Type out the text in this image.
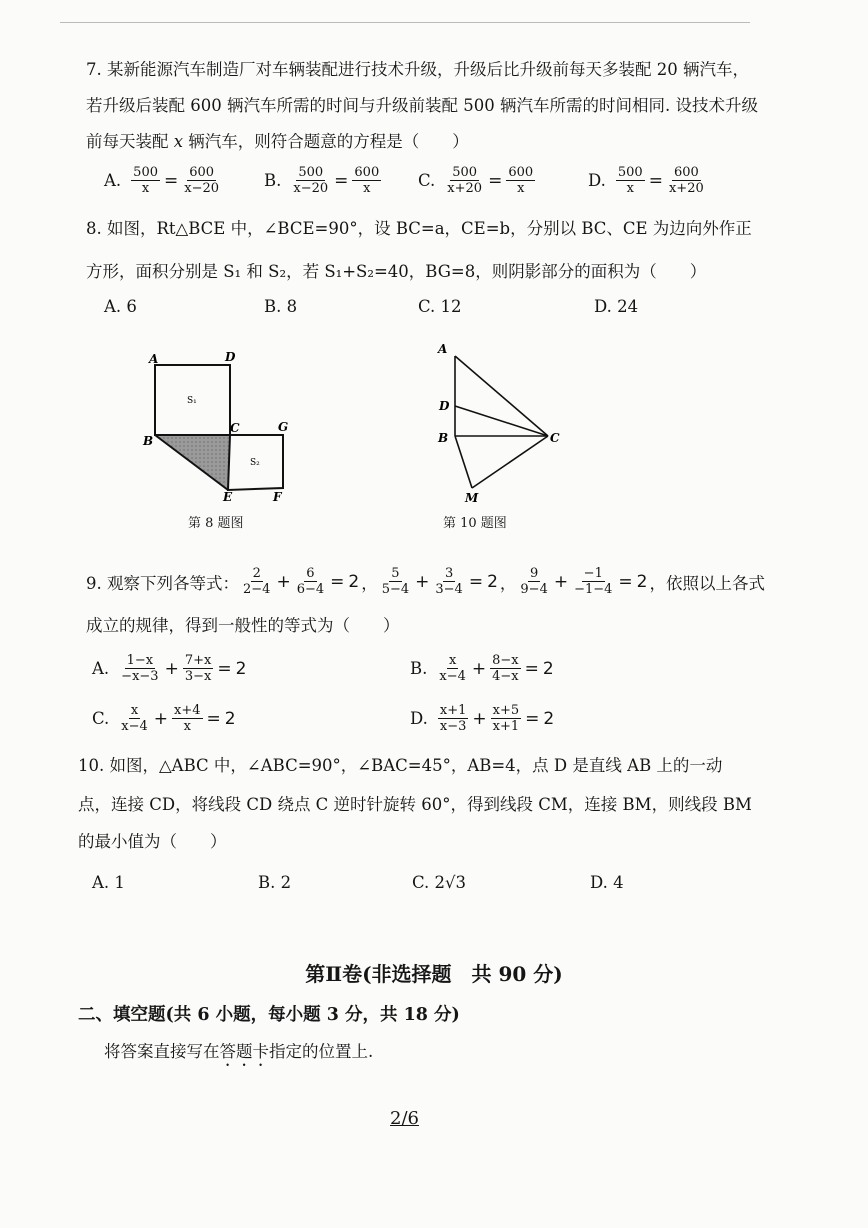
7. 某新能源汽车制造厂对车辆装配进行技术升级，升级后比升级前每天多装配 20 辆汽车，
若升级后装配 600 辆汽车所需的时间与升级前装配 500 辆汽车所需的时间相同. 设技术升级
前每天装配 x 辆汽车，则符合题意的方程是（　　）
A. $\frac{500}{x} = \frac{600}{x-20}$	B. $\frac{500}{x-20} = \frac{600}{x} C$. $\frac{500}{x+20} = \frac{600}{x}$	D. $\frac{500}{x} = \frac{600}{x+20}$
8. 如图，Rt△BCE 中，∠BCE=90°，设 BC=a，CE=b，分别以 BC、CE 为边向外作正
方形，面积分别是 S₁ 和 S₂，若 S₁+S₂=40，BG=8，则阴影部分的面积为（　　）
A. 6	B. 8	C. 12	D. 24
A	D
B
C	G
E	F
S₁
S₂
第 8 题图
A
D
B	C
M
第 10 题图
9. 观察下列各等式： $\frac{2}{2-4} + \frac{6}{6-4} = 2$ ， $\frac{5}{5-4} + \frac{3}{3-4} = 2$ ， $\frac{9}{9-4} + \frac{-1}{-1-4} = 2$ ，依照以上各式
成立的规律，得到一般性的等式为（　　）
A. $\frac{1-x}{-x-3} + \frac{7+x}{3-x} = 2$	B. $\frac{x}{x-4} + \frac{8-x}{4-x} = 2$
C. $\frac{x}{x-4} + \frac{x+4}{x} = 2$	D. $\frac{x+1}{x-3} + \frac{x+5}{x+1} = 2$
10. 如图，△ABC 中，∠ABC=90°，∠BAC=45°，AB=4，点 D 是直线 AB 上的一动
点，连接 CD，将线段 CD 绕点 C 逆时针旋转 60°，得到线段 CM，连接 BM，则线段 BM
的最小值为（　　）
A. 1	B. 2	C. 2√3	D. 4
第Ⅱ卷(非选择题　共 90 分)
二、填空题(共 6 小题，每小题 3 分，共 18 分)
将答案直接写在答题卡指定的位置上.
2/6
